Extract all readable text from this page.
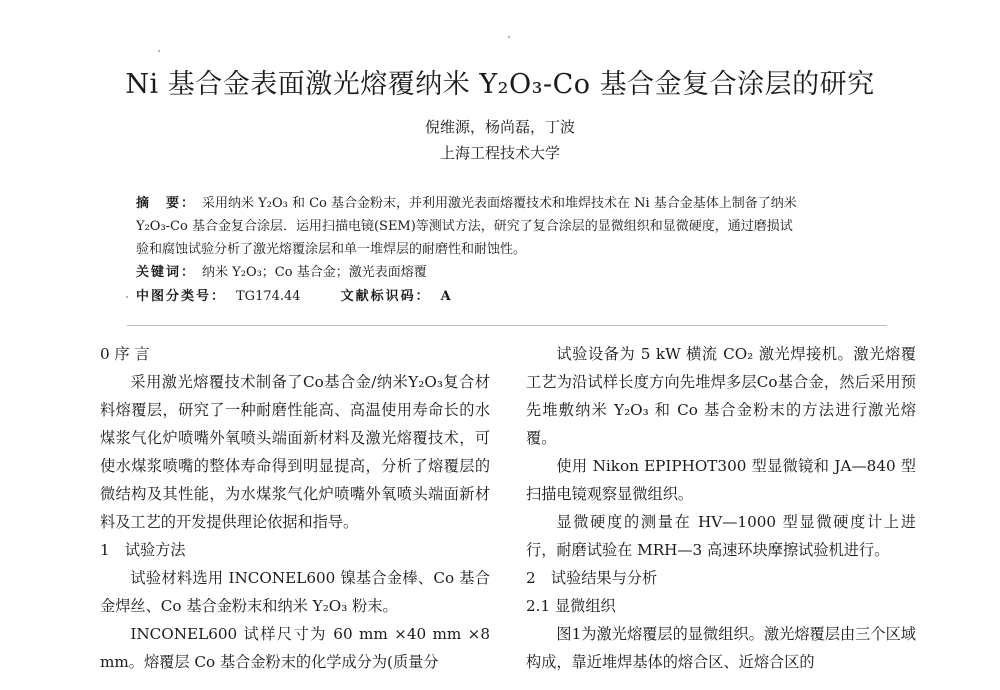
Ni 基合金表面激光熔覆纳米 Y₂O₃-Co 基合金复合涂层的研究
倪维源，杨尚磊，丁波
上海工程技术大学
摘　要： 采用纳米 Y₂O₃ 和 Co 基合金粉末，并利用激光表面熔覆技术和堆焊技术在 Ni 基合金基体上制备了纳米
Y₂O₃-Co 基合金复合涂层．运用扫描电镜(SEM)等测试方法，研究了复合涂层的显微组织和显微硬度，通过磨损试
验和腐蚀试验分析了激光熔覆涂层和单一堆焊层的耐磨性和耐蚀性。
关键词： 纳米 Y₂O₃；Co 基合金；激光表面熔覆
中图分类号： TG174.44	文献标识码： A

0 序 言

采用激光熔覆技术制备了Co基合金/纳米Y₂O₃复合材料熔覆层，研究了一种耐磨性能高、高温使用寿命长的水煤浆气化炉喷嘴外氧喷头端面新材料及激光熔覆技术，可使水煤浆喷嘴的整体寿命得到明显提高，分析了熔覆层的微结构及其性能，为水煤浆气化炉喷嘴外氧喷头端面新材料及工艺的开发提供理论依据和指导。

1　试验方法

试验材料选用 INCONEL600 镍基合金棒、Co 基合金焊丝、Co 基合金粉末和纳米 Y₂O₃ 粉末。

INCONEL600 试样尺寸为 60 mm ×40 mm ×8 mm。熔覆层 Co 基合金粉末的化学成分为(质量分

试验设备为 5 kW 横流 CO₂ 激光焊接机。激光熔覆工艺为沿试样长度方向先堆焊多层Co基合金，然后采用预先堆敷纳米 Y₂O₃ 和 Co 基合金粉末的方法进行激光熔覆。

使用 Nikon EPIPHOT300 型显微镜和 JA—840 型扫描电镜观察显微组织。

显微硬度的测量在 HV—1000 型显微硬度计上进行，耐磨试验在 MRH—3 高速环块摩擦试验机进行。

2　试验结果与分析

2.1 显微组织

图1为激光熔覆层的显微组织。激光熔覆层由三个区域构成，靠近堆焊基体的熔合区、近熔合区的
